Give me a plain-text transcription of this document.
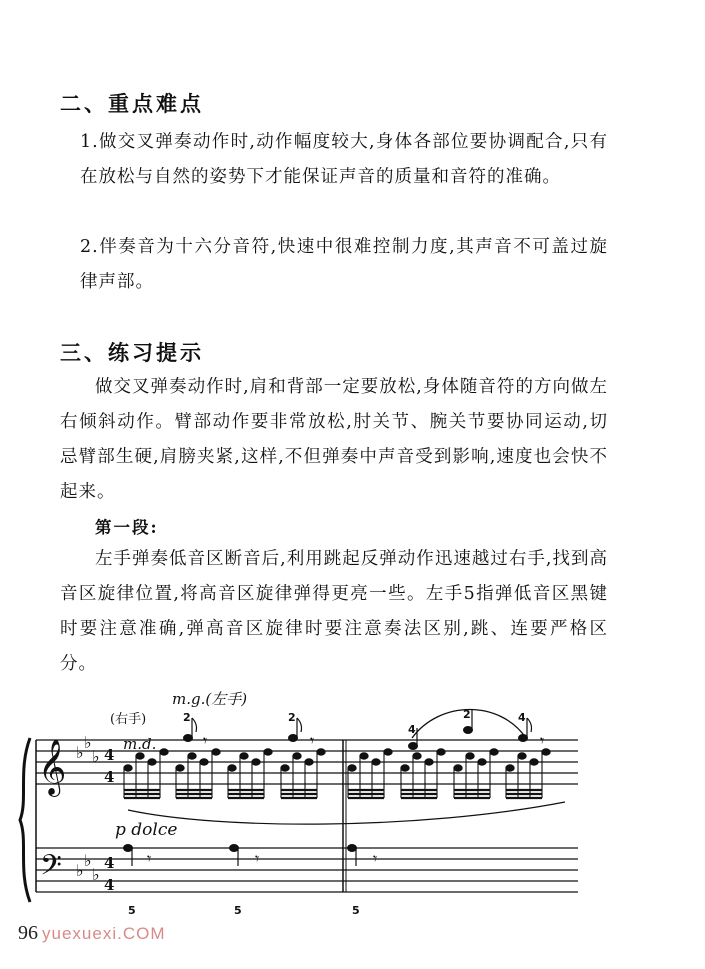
二、重点难点
1.做交叉弹奏动作时,动作幅度较大,身体各部位要协调配合,只有在放松与自然的姿势下才能保证声音的质量和音符的准确。
2.伴奏音为十六分音符,快速中很难控制力度,其声音不可盖过旋律声部。
三、练习提示
做交叉弹奏动作时,肩和背部一定要放松,身体随音符的方向做左右倾斜动作。臂部动作要非常放松,肘关节、腕关节要协同运动,切忌臂部生硬,肩膀夹紧,这样,不但弹奏中声音受到影响,速度也会快不起来。
第一段:
左手弹奏低音区断音后,利用跳起反弹动作迅速越过右手,找到高音区旋律位置,将高音区旋律弹得更亮一些。左手5指弹低音区黑键时要注意准确,弹高音区旋律时要注意奏法区别,跳、连要严格区分。
𝄞
𝄢
♭
♭
♭
♭
♭
♭
4
4
4
4
m.g.(左手)
(右手)
m.d.
p dolce
2	2
4
2	4
5	5	5
𝄾	𝄾	𝄾
𝄾	𝄾	𝄾
96 yuexuexi.COM
